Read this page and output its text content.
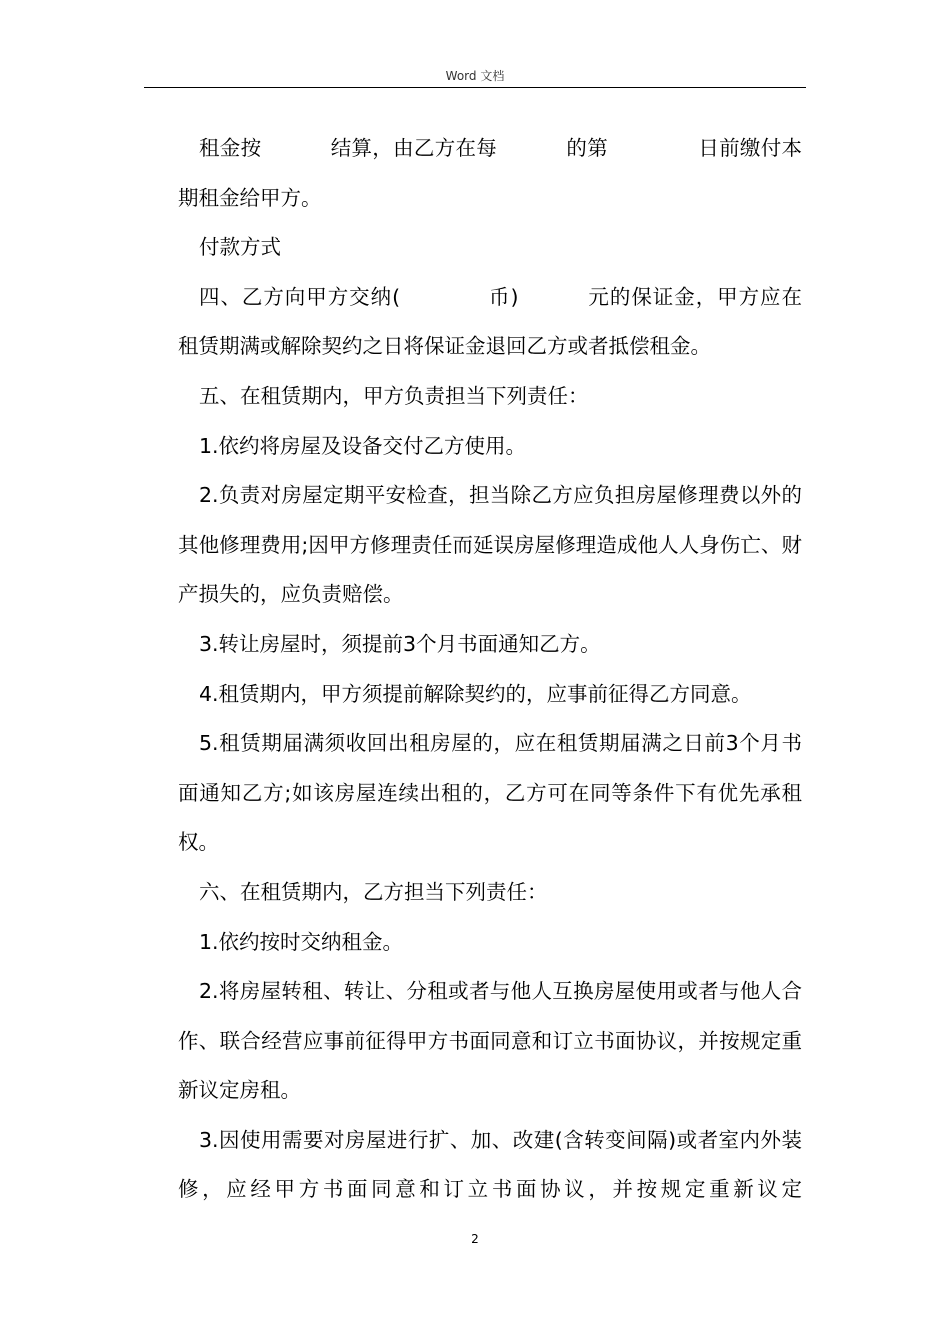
Word 文档

租金按	结算，由乙方在每	的第	日前缴付本期租金给甲方。

付款方式

四、乙方向甲方交纳(	币)	元的保证金，甲方应在租赁期满或解除契约之日将保证金退回乙方或者抵偿租金。

五、在租赁期内，甲方负责担当下列责任：

1.依约将房屋及设备交付乙方使用。

2.负责对房屋定期平安检查，担当除乙方应负担房屋修理费以外的其他修理费用;因甲方修理责任而延误房屋修理造成他人人身伤亡、财产损失的，应负责赔偿。

3.转让房屋时，须提前3个月书面通知乙方。

4.租赁期内，甲方须提前解除契约的，应事前征得乙方同意。

5.租赁期届满须收回出租房屋的，应在租赁期届满之日前3个月书面通知乙方;如该房屋连续出租的，乙方可在同等条件下有优先承租权。

六、在租赁期内，乙方担当下列责任：

1.依约按时交纳租金。

2.将房屋转租、转让、分租或者与他人互换房屋使用或者与他人合作、联合经营应事前征得甲方书面同意和订立书面协议，并按规定重新议定房租。

3.因使用需要对房屋进行扩、加、改建(含转变间隔)或者室内外装修，应经甲方书面同意和订立书面协议，并按规定重新议定

2
